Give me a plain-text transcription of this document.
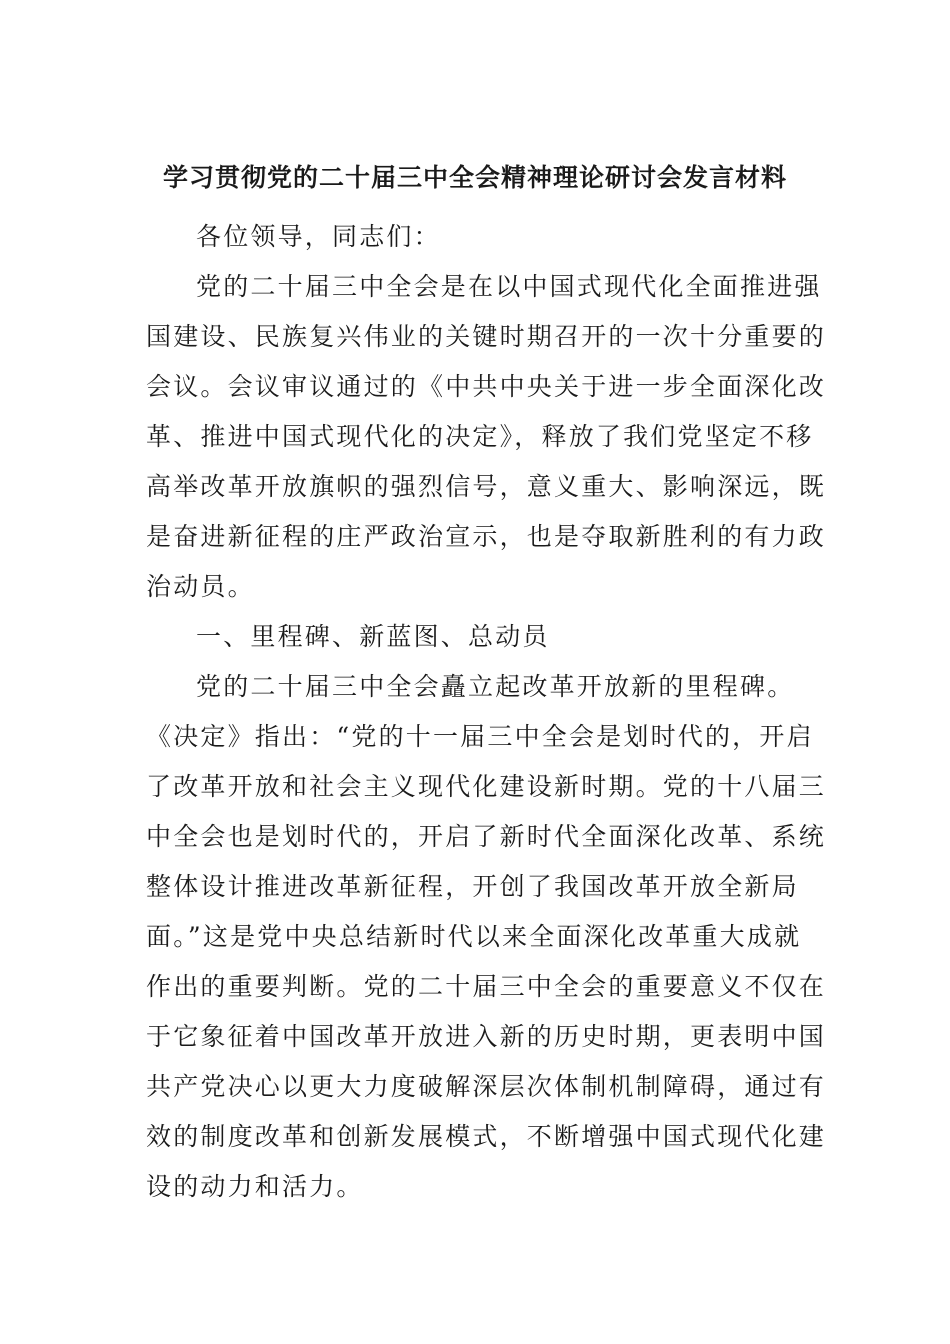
学习贯彻党的二十届三中全会精神理论研讨会发言材料
各位领导，同志们：
党的二十届三中全会是在以中国式现代化全面推进强
国建设、民族复兴伟业的关键时期召开的一次十分重要的
会议。会议审议通过的《中共中央关于进一步全面深化改
革、推进中国式现代化的决定》，释放了我们党坚定不移
高举改革开放旗帜的强烈信号，意义重大、影响深远，既
是奋进新征程的庄严政治宣示，也是夺取新胜利的有力政
治动员。
一、里程碑、新蓝图、总动员
党的二十届三中全会矗立起改革开放新的里程碑。
《决定》指出：“党的十一届三中全会是划时代的，开启
了改革开放和社会主义现代化建设新时期。党的十八届三
中全会也是划时代的，开启了新时代全面深化改革、系统
整体设计推进改革新征程，开创了我国改革开放全新局
面。”这是党中央总结新时代以来全面深化改革重大成就
作出的重要判断。党的二十届三中全会的重要意义不仅在
于它象征着中国改革开放进入新的历史时期，更表明中国
共产党决心以更大力度破解深层次体制机制障碍，通过有
效的制度改革和创新发展模式，不断增强中国式现代化建
设的动力和活力。
